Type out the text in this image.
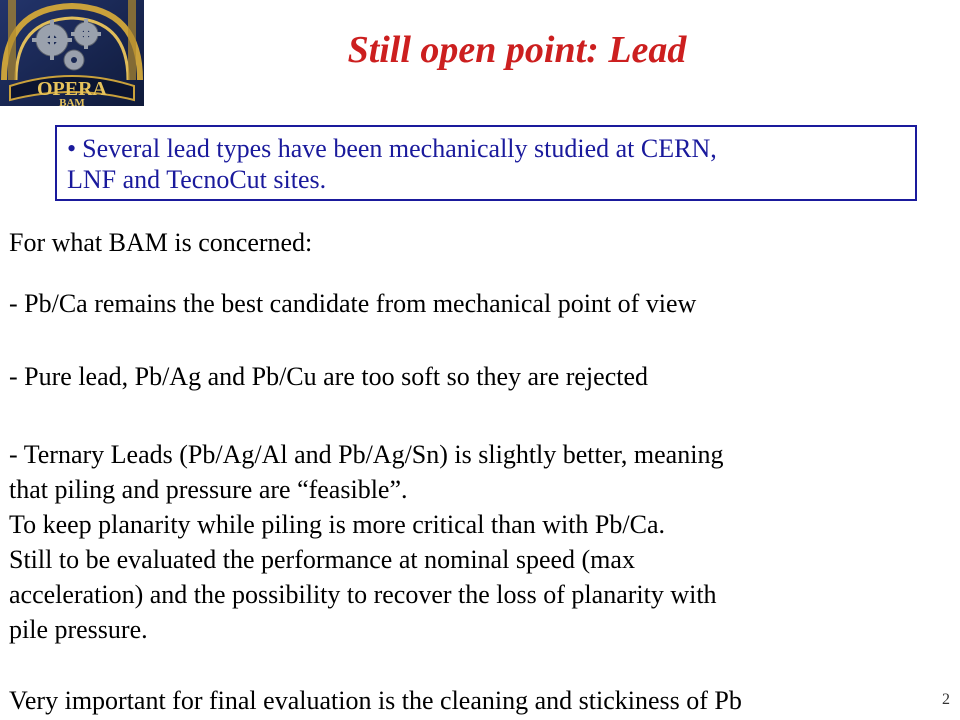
OPERA
BAM
Still open point: Lead
• Several lead types have been mechanically studied at CERN,
LNF and TecnoCut sites.
For what BAM is concerned:
- Pb/Ca remains the best candidate from mechanical point of view
- Pure lead, Pb/Ag and Pb/Cu are too soft so they are rejected
- Ternary Leads (Pb/Ag/Al and Pb/Ag/Sn) is slightly better, meaning
that piling and pressure are “feasible”.
To keep planarity while piling is more critical than with Pb/Ca.
Still to be evaluated the performance at nominal speed (max
acceleration) and the possibility to recover the loss of planarity with
pile pressure.
Very important for final evaluation is the cleaning and stickiness of Pb	2
